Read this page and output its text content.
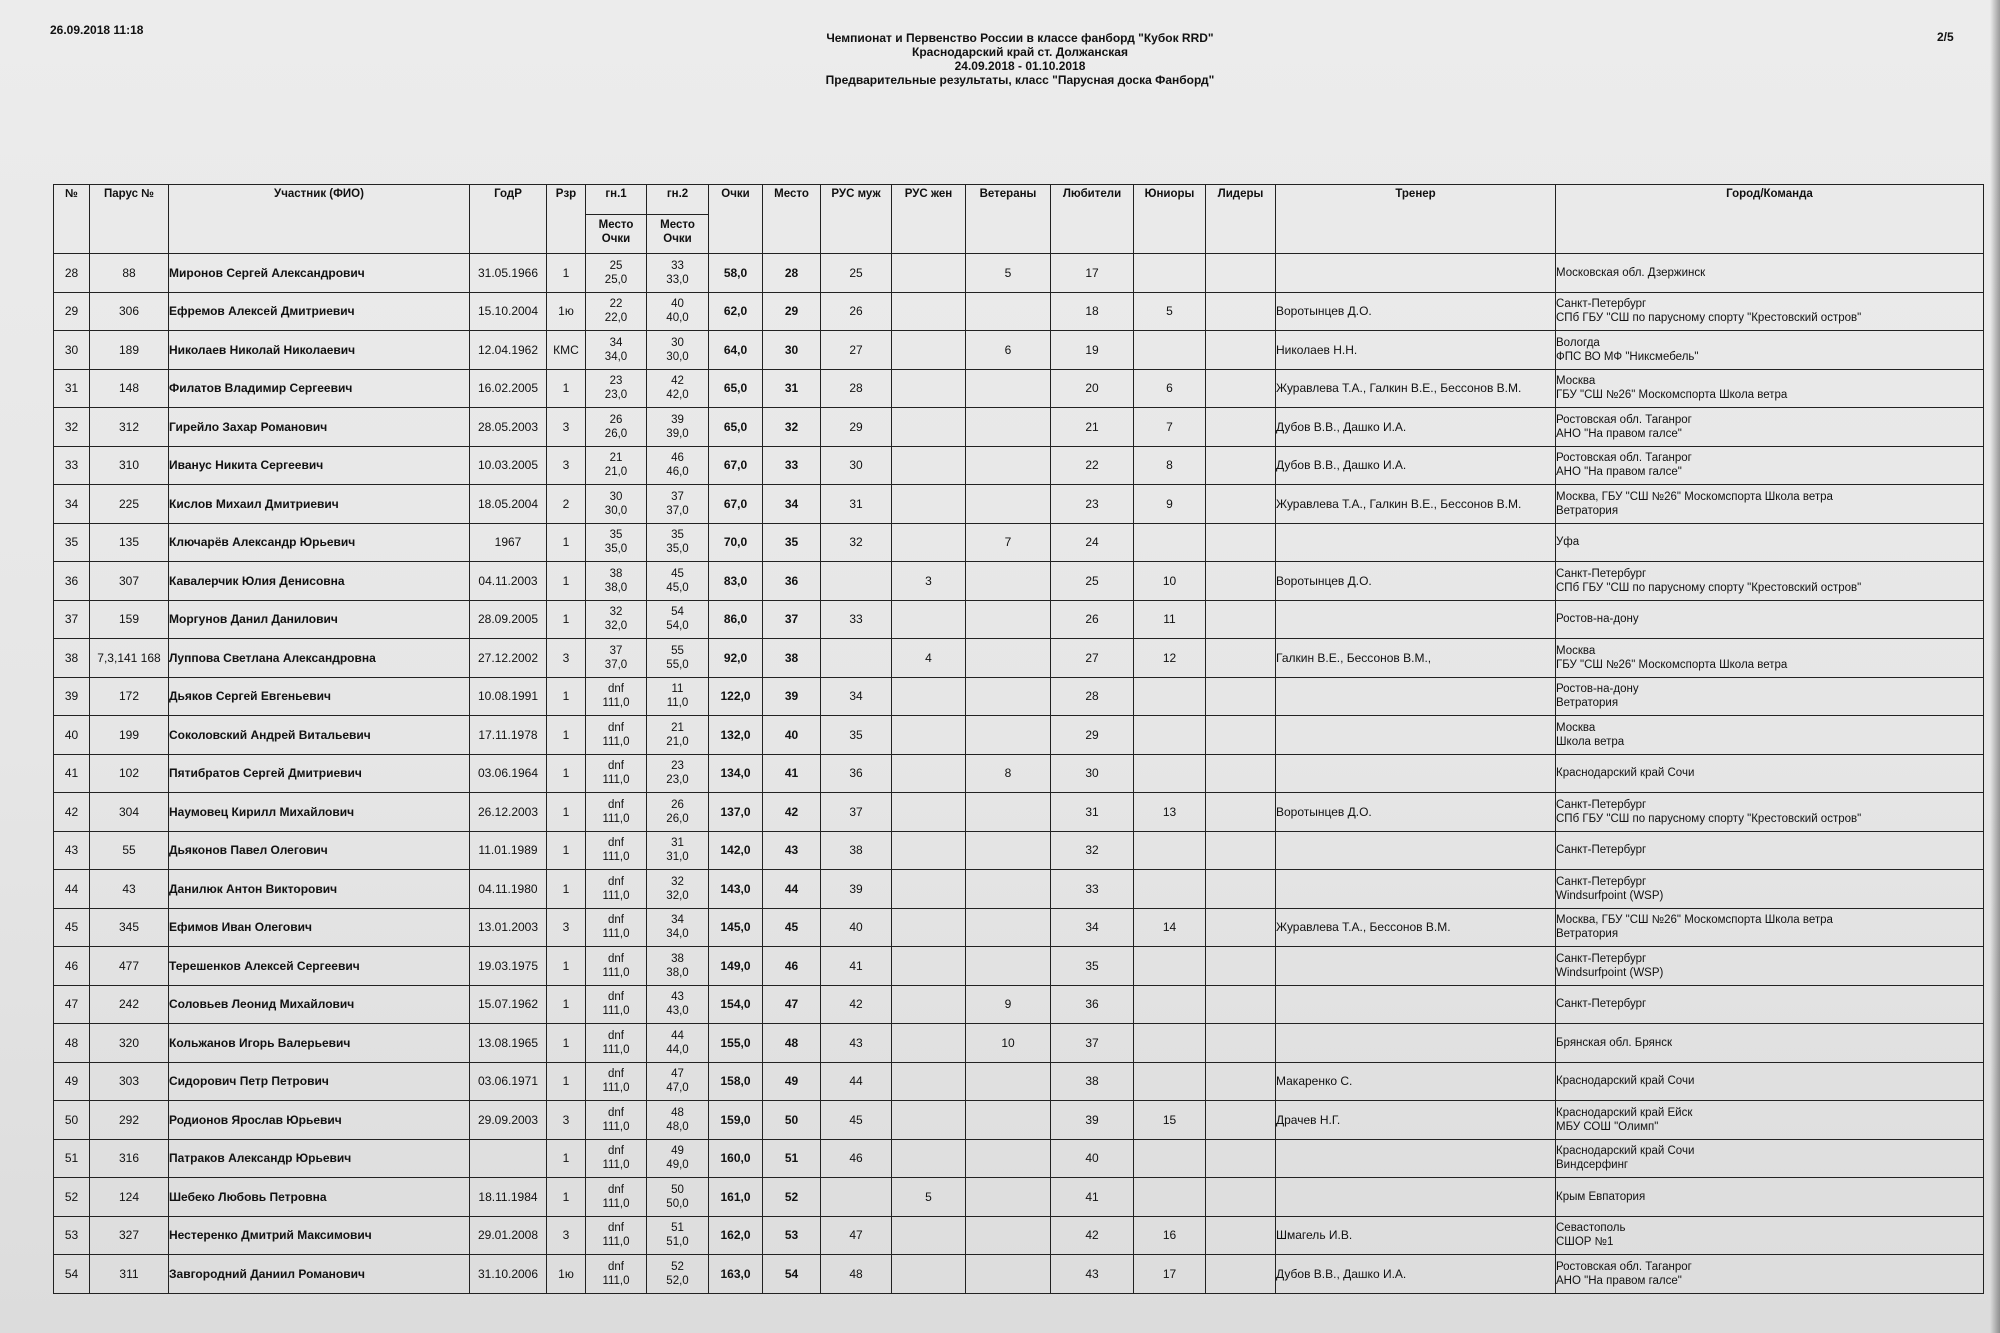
26.09.2018 11:18	2/5
Чемпионат и Первенство России в классе фанборд "Кубок RRD"
Краснодарский край ст. Должанская
24.09.2018 - 01.10.2018
Предварительные результаты, класс "Парусная доска Фанборд"
№	Парус №	Участник (ФИО)	ГодР	Рзр	гн.1	гн.2	Очки	Место	РУС муж	РУС жен	Ветераны	Любители	Юниоры	Лидеры	Тренер	Город/Команда

					Место
Очки	Место
Очки										

28	88	Миронов Сергей Александрович	31.05.1966	1	25
25,0	33
33,0	58,0	28	25		5	17				Московская обл. Дзержинск

29	306	Ефремов Алексей Дмитриевич	15.10.2004	1ю	22
22,0	40
40,0	62,0	29	26			18	5		Воротынцев Д.О.	Санкт-Петербург
СПб ГБУ "СШ по парусному спорту "Крестовский остров"

30	189	Николаев Николай Николаевич	12.04.1962	КМС	34
34,0	30
30,0	64,0	30	27		6	19			Николаев Н.Н.	Вологда
ФПС ВО МФ "Никсмебель"

31	148	Филатов Владимир Сергеевич	16.02.2005	1	23
23,0	42
42,0	65,0	31	28			20	6		Журавлева Т.А., Галкин В.Е., Бессонов В.М.	Москва
ГБУ "СШ №26" Москомспорта Школа ветра

32	312	Гирейло Захар Романович	28.05.2003	3	26
26,0	39
39,0	65,0	32	29			21	7		Дубов В.В., Дашко И.А.	Ростовская обл. Таганрог
АНО "На правом галсе"

33	310	Иванус Никита Сергеевич	10.03.2005	3	21
21,0	46
46,0	67,0	33	30			22	8		Дубов В.В., Дашко И.А.	Ростовская обл. Таганрог
АНО "На правом галсе"

34	225	Кислов Михаил Дмитриевич	18.05.2004	2	30
30,0	37
37,0	67,0	34	31			23	9		Журавлева Т.А., Галкин В.Е., Бессонов В.М.	Москва, ГБУ "СШ №26" Москомспорта Школа ветра
Ветратория

35	135	Ключарёв Александр Юрьевич	1967	1	35
35,0	35
35,0	70,0	35	32		7	24				Уфа

36	307	Кавалерчик Юлия Денисовна	04.11.2003	1	38
38,0	45
45,0	83,0	36		3		25	10		Воротынцев Д.О.	Санкт-Петербург
СПб ГБУ "СШ по парусному спорту "Крестовский остров"

37	159	Моргунов Данил Данилович	28.09.2005	1	32
32,0	54
54,0	86,0	37	33			26	11			Ростов-на-дону

38	7,3,141 168	Луппова Светлана Александровна	27.12.2002	3	37
37,0	55
55,0	92,0	38		4		27	12		Галкин В.Е., Бессонов В.М.,	Москва
ГБУ "СШ №26" Москомспорта Школа ветра

39	172	Дьяков Сергей Евгеньевич	10.08.1991	1	dnf
111,0	11
11,0	122,0	39	34			28				Ростов-на-дону
Ветратория

40	199	Соколовский Андрей Витальевич	17.11.1978	1	dnf
111,0	21
21,0	132,0	40	35			29				Москва
Школа ветра

41	102	Пятибратов Сергей Дмитриевич	03.06.1964	1	dnf
111,0	23
23,0	134,0	41	36		8	30				Краснодарский край Сочи

42	304	Наумовец Кирилл Михайлович	26.12.2003	1	dnf
111,0	26
26,0	137,0	42	37			31	13		Воротынцев Д.О.	Санкт-Петербург
СПб ГБУ "СШ по парусному спорту "Крестовский остров"

43	55	Дьяконов Павел Олегович	11.01.1989	1	dnf
111,0	31
31,0	142,0	43	38			32				Санкт-Петербург

44	43	Данилюк Антон Викторович	04.11.1980	1	dnf
111,0	32
32,0	143,0	44	39			33				Санкт-Петербург
Windsurfpoint (WSP)

45	345	Ефимов Иван Олегович	13.01.2003	3	dnf
111,0	34
34,0	145,0	45	40			34	14		Журавлева Т.А., Бессонов В.М.	Москва, ГБУ "СШ №26" Москомспорта Школа ветра
Ветратория

46	477	Терешенков Алексей Сергеевич	19.03.1975	1	dnf
111,0	38
38,0	149,0	46	41			35				Санкт-Петербург
Windsurfpoint (WSP)

47	242	Соловьев Леонид Михайлович	15.07.1962	1	dnf
111,0	43
43,0	154,0	47	42		9	36				Санкт-Петербург

48	320	Кольжанов Игорь Валерьевич	13.08.1965	1	dnf
111,0	44
44,0	155,0	48	43		10	37				Брянская обл. Брянск

49	303	Сидорович Петр Петрович	03.06.1971	1	dnf
111,0	47
47,0	158,0	49	44			38			Макаренко С.	Краснодарский край Сочи

50	292	Родионов Ярослав Юрьевич	29.09.2003	3	dnf
111,0	48
48,0	159,0	50	45			39	15		Драчев Н.Г.	Краснодарский край Ейск
МБУ СОШ "Олимп"

51	316	Патраков Александр Юрьевич		1	dnf
111,0	49
49,0	160,0	51	46			40				Краснодарский край Сочи
Виндсерфинг

52	124	Шебеко Любовь Петровна	18.11.1984	1	dnf
111,0	50
50,0	161,0	52		5		41				Крым Евпатория

53	327	Нестеренко Дмитрий Максимович	29.01.2008	3	dnf
111,0	51
51,0	162,0	53	47			42	16		Шмагель И.В.	Севастополь
СШОР №1

54	311	Завгородний Даниил Романович	31.10.2006	1ю	dnf
111,0	52
52,0	163,0	54	48			43	17		Дубов В.В., Дашко И.А.	Ростовская обл. Таганрог
АНО "На правом галсе"
